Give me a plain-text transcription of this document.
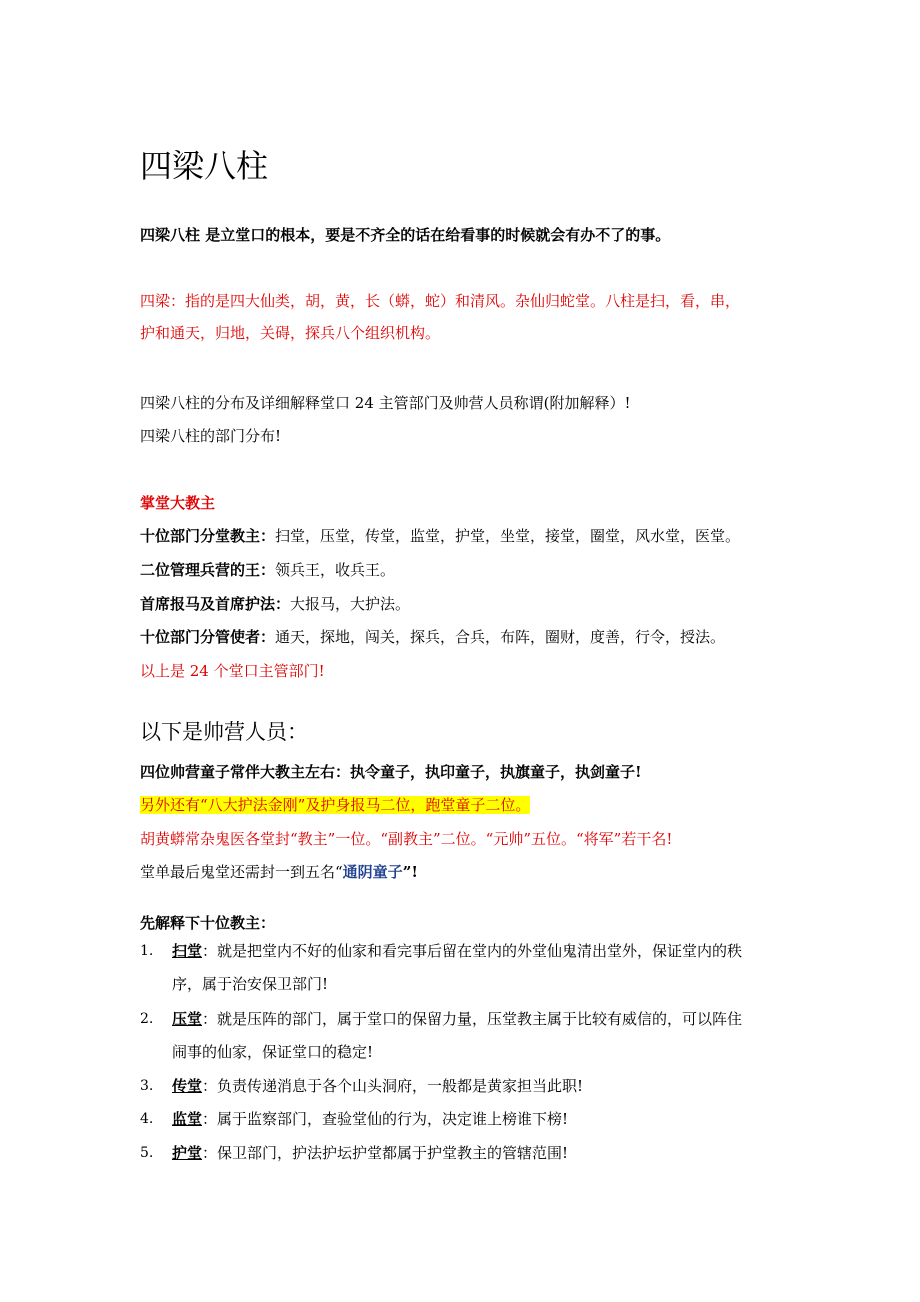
四梁八柱
四梁八柱 是立堂口的根本，要是不齐全的话在给看事的时候就会有办不了的事。
四梁：指的是四大仙类，胡，黄，长（蟒，蛇）和清风。杂仙归蛇堂。八柱是扫，看，串，
护和通天，归地，关碍，探兵八个组织机构。
四梁八柱的分布及详细解释堂口 24 主管部门及帅营人员称谓(附加解释）!
四梁八柱的部门分布!
掌堂大教主
十位部门分堂教主：扫堂，压堂，传堂，监堂，护堂，坐堂，接堂，圈堂，风水堂，医堂。
二位管理兵营的王：领兵王，收兵王。
首席报马及首席护法：大报马，大护法。
十位部门分管使者：通天，探地，闯关，探兵，合兵，布阵，圈财，度善，行令，授法。
以上是 24 个堂口主管部门!
以下是帅营人员：
四位帅营童子常伴大教主左右：执令童子，执印童子，执旗童子，执剑童子!
另外还有“八大护法金刚”及护身报马二位，跑堂童子二位。
胡黄蟒常杂鬼医各堂封“教主”一位。“副教主”二位。“元帅”五位。“将军”若干名!
堂单最后鬼堂还需封一到五名“通阴童子”!
先解释下十位教主：
1. 扫堂：就是把堂内不好的仙家和看完事后留在堂内的外堂仙鬼清出堂外，保证堂内的秩
序，属于治安保卫部门!
2. 压堂：就是压阵的部门，属于堂口的保留力量，压堂教主属于比较有威信的，可以阵住
闹事的仙家，保证堂口的稳定!
3. 传堂：负责传递消息于各个山头洞府，一般都是黄家担当此职!
4. 监堂：属于监察部门，查验堂仙的行为，决定谁上榜谁下榜!
5. 护堂：保卫部门，护法护坛护堂都属于护堂教主的管辖范围!
